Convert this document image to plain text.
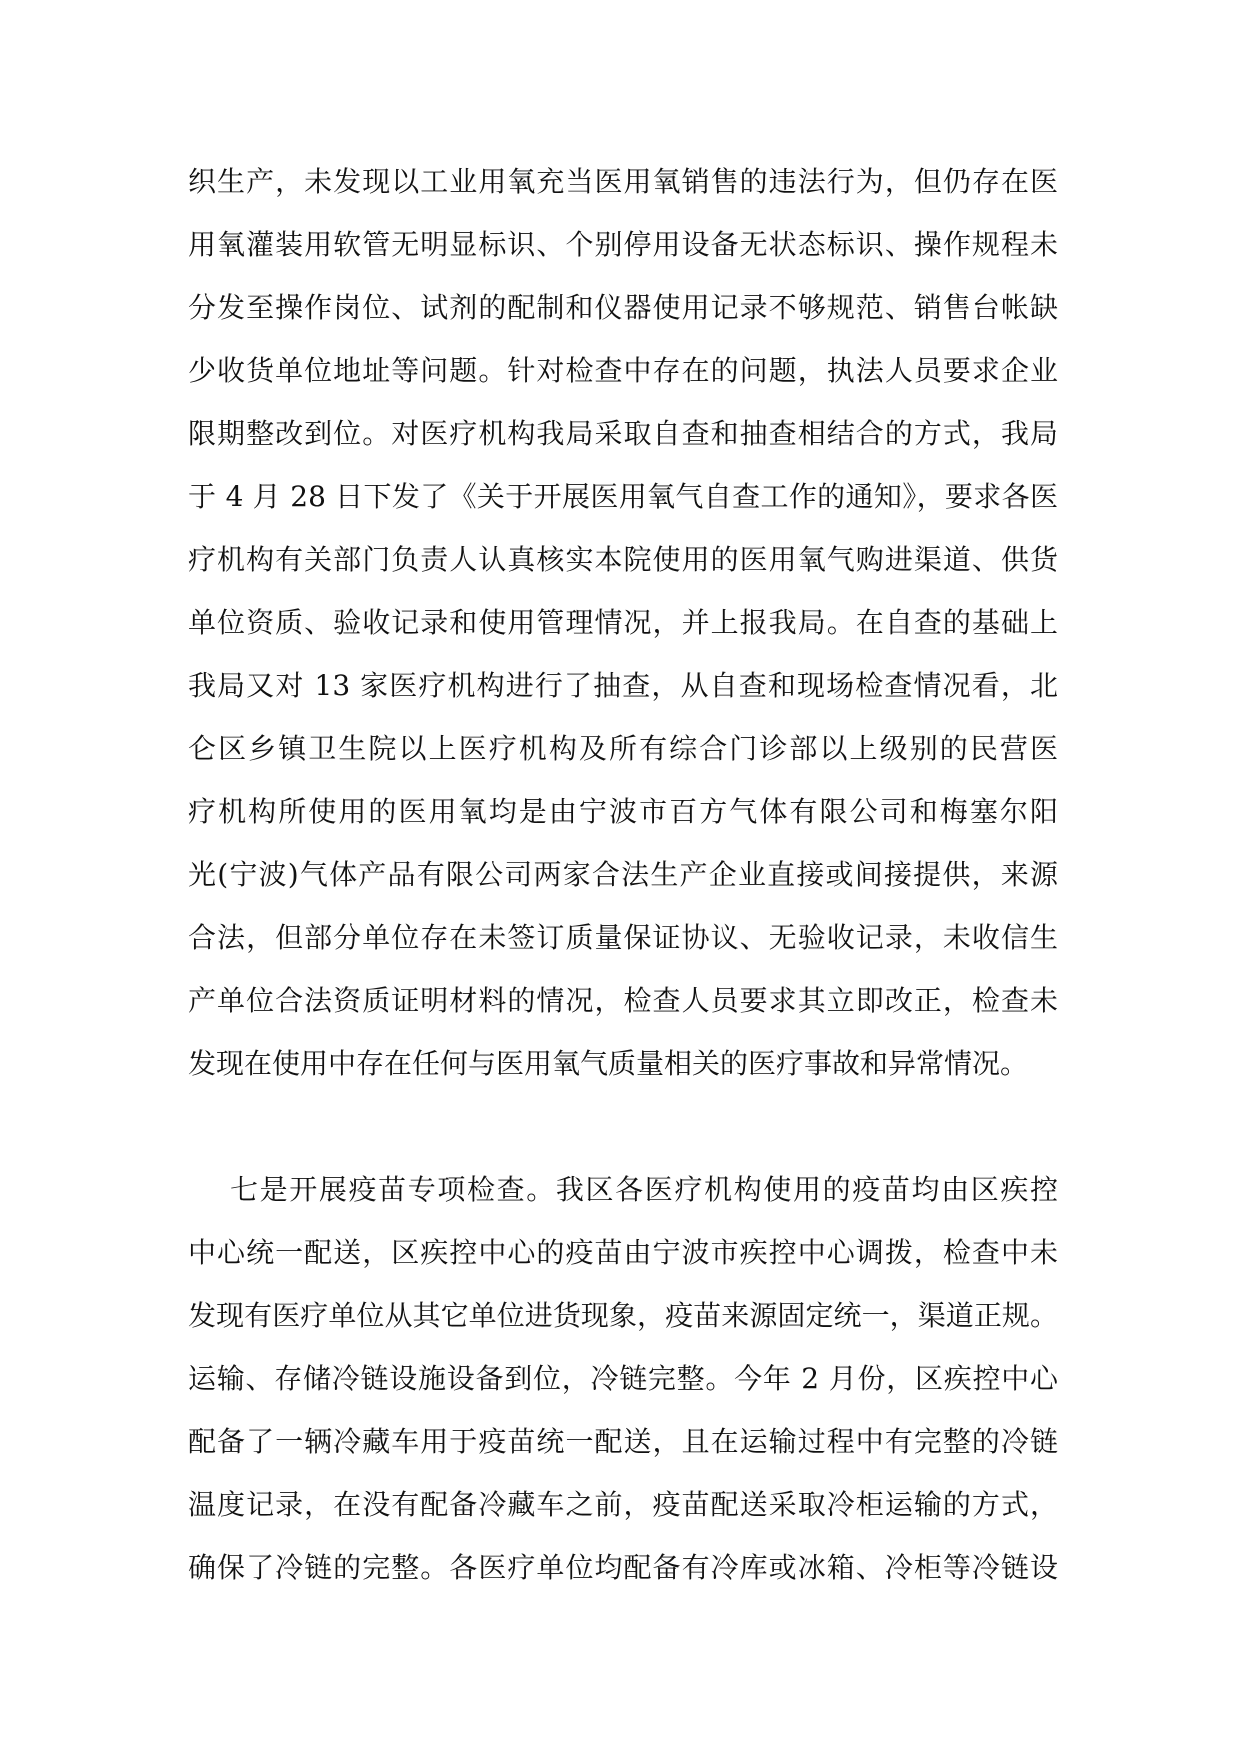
织生产，未发现以工业用氧充当医用氧销售的违法行为，但仍存在医
用氧灌装用软管无明显标识、个别停用设备无状态标识、操作规程未
分发至操作岗位、试剂的配制和仪器使用记录不够规范、销售台帐缺
少收货单位地址等问题。针对检查中存在的问题，执法人员要求企业
限期整改到位。对医疗机构我局采取自查和抽查相结合的方式，我局
于 4 月 28 日下发了《关于开展医用氧气自查工作的通知》，要求各医
疗机构有关部门负责人认真核实本院使用的医用氧气购进渠道、供货
单位资质、验收记录和使用管理情况，并上报我局。在自查的基础上
我局又对 13 家医疗机构进行了抽查，从自查和现场检查情况看，北
仑区乡镇卫生院以上医疗机构及所有综合门诊部以上级别的民营医
疗机构所使用的医用氧均是由宁波市百方气体有限公司和梅塞尔阳
光(宁波)气体产品有限公司两家合法生产企业直接或间接提供，来源
合法，但部分单位存在未签订质量保证协议、无验收记录，未收信生
产单位合法资质证明材料的情况，检查人员要求其立即改正，检查未
发现在使用中存在任何与医用氧气质量相关的医疗事故和异常情况。
七是开展疫苗专项检查。我区各医疗机构使用的疫苗均由区疾控
中心统一配送，区疾控中心的疫苗由宁波市疾控中心调拨，检查中未
发现有医疗单位从其它单位进货现象，疫苗来源固定统一，渠道正规。
运输、存储冷链设施设备到位，冷链完整。今年 2 月份，区疾控中心
配备了一辆冷藏车用于疫苗统一配送，且在运输过程中有完整的冷链
温度记录，在没有配备冷藏车之前，疫苗配送采取冷柜运输的方式，
确保了冷链的完整。各医疗单位均配备有冷库或冰箱、冷柜等冷链设
